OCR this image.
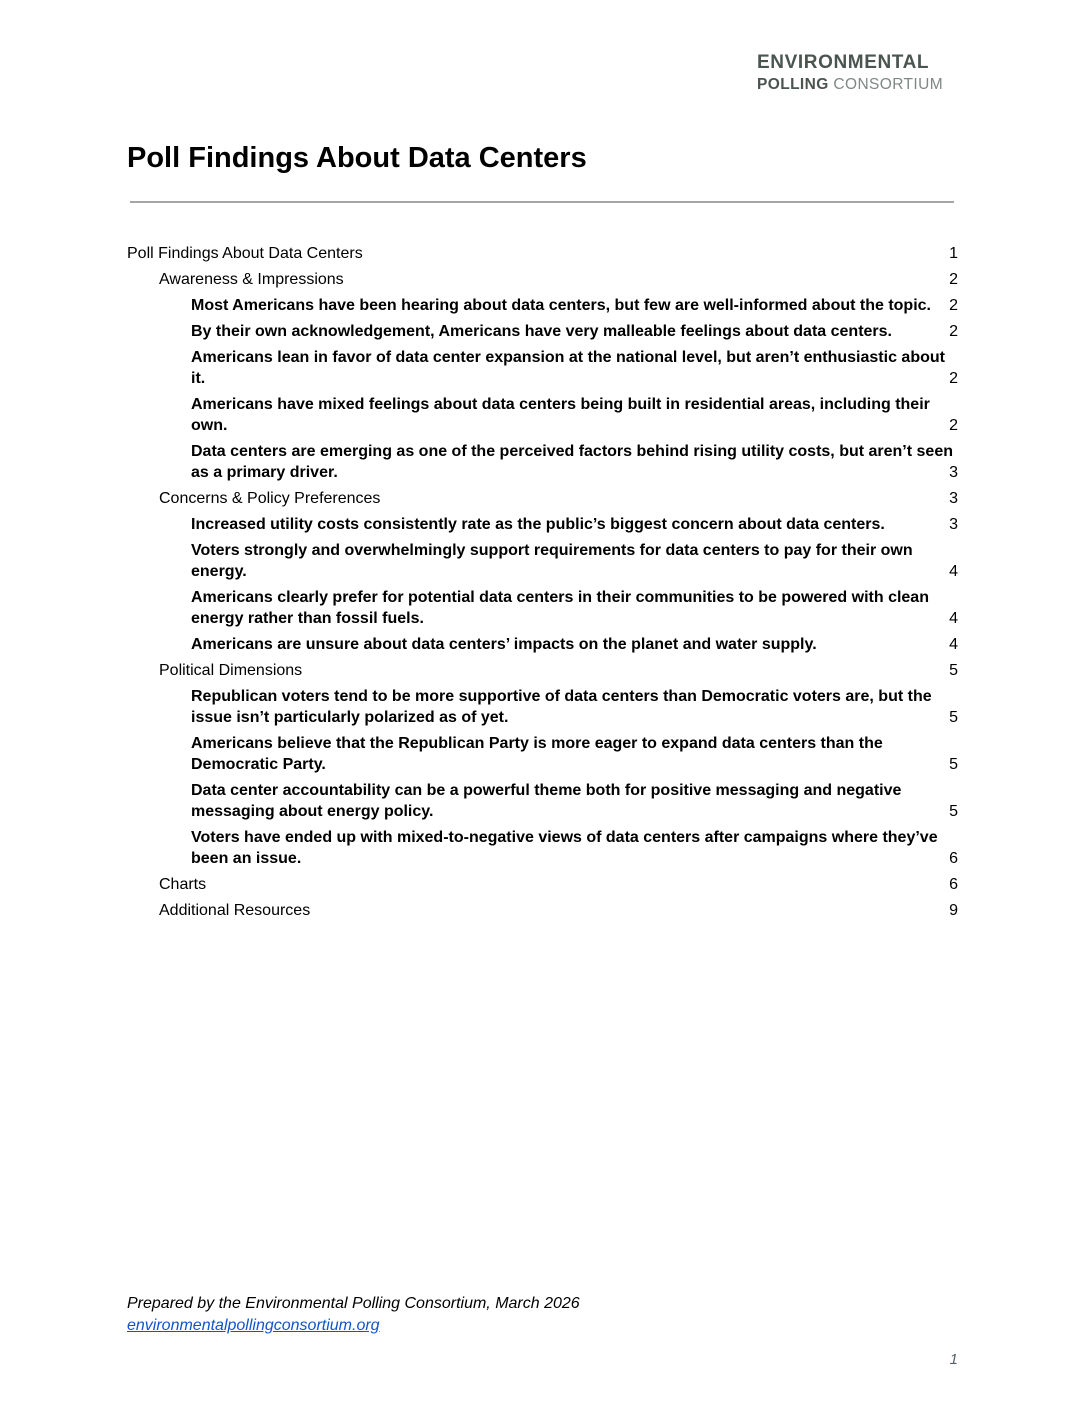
ENVIRONMENTAL
POLLING CONSORTIUM
Poll Findings About Data Centers
Poll Findings About Data Centers	1
Awareness & Impressions	2
Most Americans have been hearing about data centers, but few are well-informed about the topic. 2
By their own acknowledgement, Americans have very malleable feelings about data centers.	2
Americans lean in favor of data center expansion at the national level, but aren’t enthusiastic about it.	2
Americans have mixed feelings about data centers being built in residential areas, including their own.	2
Data centers are emerging as one of the perceived factors behind rising utility costs, but aren’t seen as a primary driver.	3
Concerns & Policy Preferences	3
Increased utility costs consistently rate as the public’s biggest concern about data centers.	3
Voters strongly and overwhelmingly support requirements for data centers to pay for their own energy.	4
Americans clearly prefer for potential data centers in their communities to be powered with clean energy rather than fossil fuels.	4
Americans are unsure about data centers’ impacts on the planet and water supply.	4
Political Dimensions	5
Republican voters tend to be more supportive of data centers than Democratic voters are, but the issue isn’t particularly polarized as of yet.	5
Americans believe that the Republican Party is more eager to expand data centers than the Democratic Party.	5
Data center accountability can be a powerful theme both for positive messaging and negative messaging about energy policy.	5
Voters have ended up with mixed-to-negative views of data centers after campaigns where they’ve been an issue.	6
Charts	6
Additional Resources	9
Prepared by the Environmental Polling Consortium, March 2026
environmentalpollingconsortium.org
1
